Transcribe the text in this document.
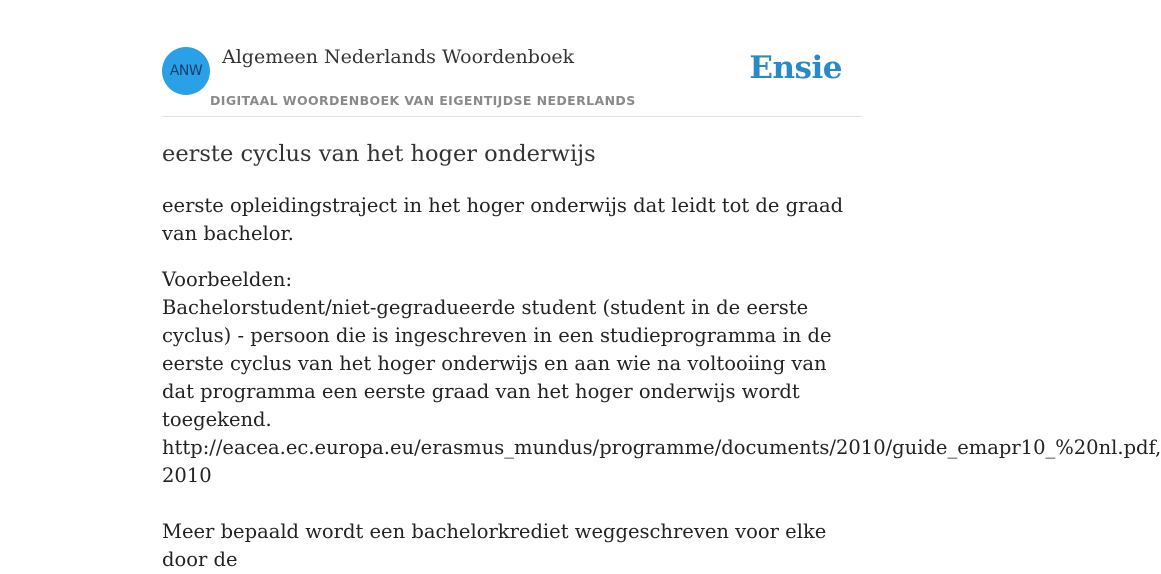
ANW
Algemeen Nederlands Woordenboek
DIGITAAL WOORDENBOEK VAN EIGENTIJDSE NEDERLANDS
Ensie
eerste cyclus van het hoger onderwijs

eerste opleidingstraject in het hoger onderwijs dat leidt tot de graad van bachelor.

Voorbeelden:

Bachelorstudent/niet-gegradueerde student (student in de eerste cyclus) - persoon die is ingeschreven in een studieprogramma in de eerste cyclus van het hoger onderwijs en aan wie na voltooiing van dat programma een eerste graad van het hoger onderwijs wordt toegekend.
http://eacea.ec.europa.eu/erasmus_mundus/programme/documents/2010/guide_emapr10_%20nl.pdf,
2010
Meer bepaald wordt een bachelorkrediet weggeschreven voor elke door de
